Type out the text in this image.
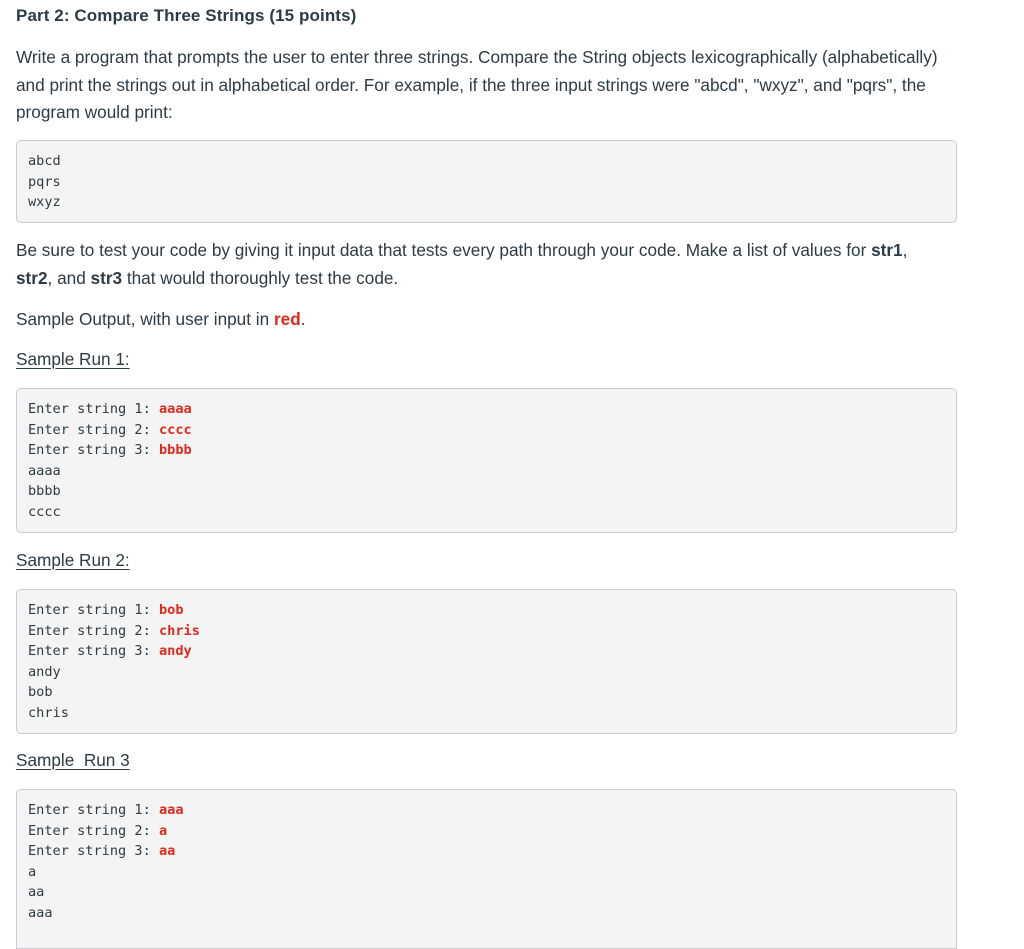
Part 2: Compare Three Strings (15 points)

Write a program that prompts the user to enter three strings. Compare the String objects lexicographically (alphabetically) and print the strings out in alphabetical order. For example, if the three input strings were "abcd", "wxyz", and "pqrs", the program would print:

abcd
pqrs
wxyz

Be sure to test your code by giving it input data that tests every path through your code. Make a list of values for str1, str2, and str3 that would thoroughly test the code.

Sample Output, with user input in red.

Sample Run 1:
Enter string 1: aaaa
Enter string 2: cccc
Enter string 3: bbbb
aaaa
bbbb
cccc
Sample Run 2:
Enter string 1: bob
Enter string 2: chris
Enter string 3: andy
andy
bob
chris
Sample  Run 3
Enter string 1: aaa
Enter string 2: a
Enter string 3: aa
a
aa
aaa
